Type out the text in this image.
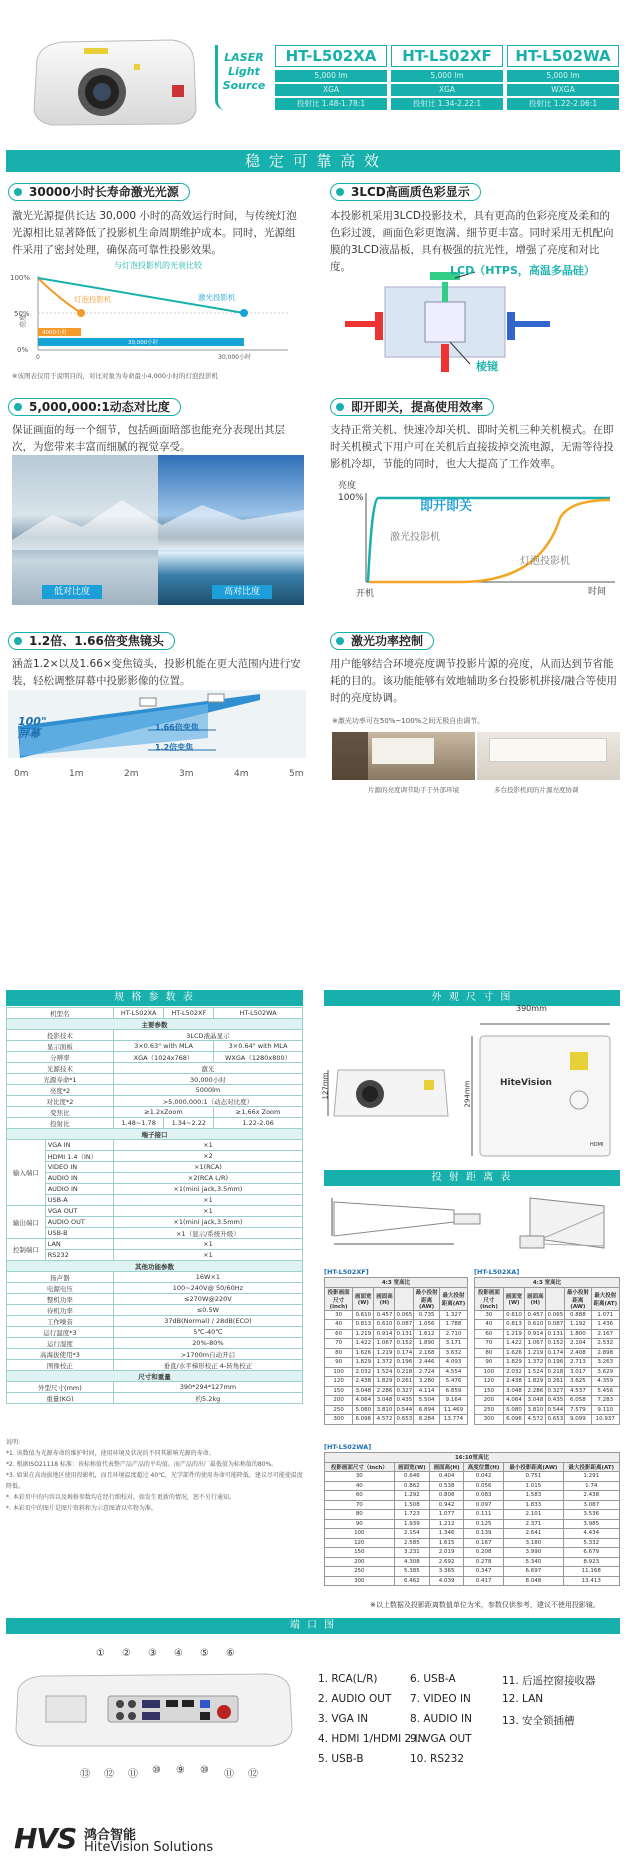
LASER
Light
Source
HT-L502XA
5,000 lm
XGA
投射比 1.48-1.78:1
HT-L502XF
5,000 lm
XGA
投射比 1.34-2.22:1
HT-L502WA
5,000 lm
WXGA
投射比 1.22-2.06:1
稳 定 可 靠 高 效
30000小时长寿命激光光源
激光光源提供长达 30,000 小时的高效运行时间，与传统灯泡光源相比显著降低了投影机生命周期维护成本。同时，光源组件采用了密封处理，确保高可靠性投影效果。
与灯泡投影机的光衰比较
100%
50%
0%
亮度
4000小时
30,000小时
灯泡投影机	激光投影机
0	30,000小时
※该图表仅用于说明目的，对比对象为寿命最小4,000小时的灯泡投影机
3LCD高画质色彩显示
本投影机采用3LCD投影技术，具有更高的色彩亮度及柔和的色彩过渡，画面色彩更饱满、细节更丰富。同时采用无机配向膜的3LCD液晶板，具有极强的抗光性，增强了亮度和对比度。	LCD（HTPS，高温多晶硅）
棱镜
5,000,000:1动态对比度
保证画面的每一个细节，包括画面暗部也能充分表现出其层次，为您带来丰富而细腻的视觉享受。
低对比度	高对比度
即开即关，提高使用效率
支持正常关机、快速冷却关机、即时关机三种关机模式。在即时关机模式下用户可在关机后直接拔掉交流电源，无需等待投影机冷却，节能的同时，也大大提高了工作效率。
亮度
100%
即开即关
激光投影机
灯泡投影机
开机	时间
1.2倍、1.66倍变焦镜头
涵盖1.2×以及1.66×变焦镜头，投影机能在更大范围内进行安装，轻松调整屏幕中投影影像的位置。
0m	1m	2m	3m	4m	5m
100"
屏幕	1.66倍变焦
1.2倍变焦
激光功率控制
用户能够结合环境亮度调节投影片源的亮度，从而达到节省能耗的目的。该功能能够有效地辅助多台投影机拼接/融合等使用时的亮度协调。
※激光功率可在50%~100%之间无极自由调节。
片源的亮度调节助手于外部环境	多台投影机间的片源亮度协调
规 格 参 数 表
机型名		HT-L502XA	HT-L502XF	HT-L502WA
主要参数				
投影技术		3LCD液晶显示		
显示面板		3×0.63" with MLA		3×0.64" with MLA
分辨率		XGA（1024x768）		WXGA（1280x800）
光源技术		激光		
光源寿命*1		30,000小时		
亮度*2		5000lm		
对比度*2		>5,000,000:1（动态对比度）		
变焦比		≥1.2xZoom		≥1.66x Zoom
投射比		1.48~1.78	1.34~2.22	1.22-2.06
端子接口				
输入端口	VGA IN	×1		
	HDMI 1.4（IN）	×2		
	VIDEO IN	×1(RCA)		
	AUDIO IN	×2(RCA L/R)		
	AUDIO IN	×1(mini jack,3.5mm)		
	USB-A	×1		
输出端口	VGA OUT	×1		
	AUDIO OUT	×1(mini jack,3.5mm)		
	USB-B	×1（显示/系统升级）		
控制端口	LAN	×1		
	RS232	×1		
其他功能参数				
扬声器		16W×1		
电源电压		100~240V@ 50/60Hz		
整机功率		≤270W@220V		
待机功率		≤0.5W		
工作噪音		37dB(Normal) / 28dB(ECO)		
运行温度*3		5℃-40℃		
运行湿度		20%-80%		
高海拔使用*3		>1700m自动开启		
图像校正		垂直/水平梯形校正 4-转角校正		
尺寸和重量				
外型尺寸(mm)		390*294*127mm		
重量(KG)		约5.2kg		
说明:
*1. 该数值为光源寿命的维护时间，使用环境及状况的不同其影响光源的寿命。
*2. 根据ISO21118 标准：该标称值代表整产品产品的平均值。而产品的出厂最低值为标称值的80%。
*3. 如果在高海拔地区使用投影机，而且环境温度超过 40℃，光学部件的使用寿命可能降低。建议尽可能使温度降低。
*. 本彩页中的内容以及规格参数均在经行细校对。如发生更新的情况，恕不另行通知。
*. 本彩页中的图片是图片资料和为示意图请以实物为准。
外 观 尺 寸 图
390mm
127mm	294mm	HiteVision
HDMI
投 射 距 离 表
[HT-L502XF]	[HT-L502XA]
4:3 宽高比					
投影画面尺寸(inch)	画面宽(W)	画面高(H)		最小投射距离(AW)	最大投射距离(AT)
30	0.610	0.457	0.065	0.735	1.327
40	0.813	0.610	0.087	1.056	1.788
60	1.219	0.914	0.131	1.612	2.710
70	1.422	1.067	0.152	1.890	3.171
80	1.626	1.219	0.174	2.168	3.632
90	1.829	1.372	0.196	2.446	4.093
100	2.032	1.524	0.218	2.724	4.554
120	2.438	1.829	0.261	3.280	5.476
150	3.048	2.286	0.327	4.114	6.859
200	4.064	3.048	0.435	5.504	9.164
250	5.080	3.810	0.544	6.894	11.469
300	6.096	4.572	0.653	8.284	13.774
4:3 宽高比					
投影画面尺寸(inch)	画面宽(W)	画面高(H)		最小投射距离(AW)	最大投射距离(AT)
30	0.610	0.457	0.065	0.888	1.071
40	0.813	0.610	0.087	1.192	1.436
60	1.219	0.914	0.131	1.800	2.167
70	1.422	1.067	0.152	2.104	2.532
80	1.626	1.219	0.174	2.408	2.898
90	1.829	1.372	0.196	2.713	3.263
100	2.032	1.524	0.218	3.017	3.629
120	2.438	1.829	0.261	3.625	4.359
150	3.048	2.286	0.327	4.537	5.456
200	4.064	3.048	0.435	6.058	7.283
250	5.080	3.810	0.544	7.579	9.110
300	6.096	4.572	0.653	9.099	10.937
[HT-L502WA]
16:10宽高比					
投影画面尺寸（inch）	画面宽(W)	画面高(H)	高度位置(H)	最小投影距离(AW)	最大投影距离(AT)
30	0.646	0.404	0.042	0.751	1.291
40	0.862	0.538	0.056	1.015	1.74
60	1.292	0.808	0.083	1.583	2.438
70	1.508	0.942	0.097	1.833	3.087
80	1.723	1.077	0.111	2.101	3.536
90	1.939	1.212	0.125	2.371	3.985
100	2.154	1.346	0.139	2.641	4.434
120	2.585	1.615	0.167	3.180	5.332
150	3.231	2.019	0.208	3.990	6.679
200	4.308	2.692	0.278	5.340	8.923
250	5.385	3.365	0.347	6.697	11.168
300	6.462	4.039	0.417	8.048	13.413
※以上数据及投影距离数值单位为米，参数仅供参考，建议不使用投影镜。
端 口 图
① ② ③ ④ ⑤ ⑥
⑬ ⑫ ⑪ ⑩ ⑨ ⑩ ⑪ ⑫
1. RCA(L/R)
2. AUDIO OUT
3. VGA IN
4. HDMI 1/HDMI 2 IN
5. USB-B
6. USB-A
7. VIDEO IN
8. AUDIO IN
9. VGA OUT
10. RS232
11. 后遥控窗接收器
12. LAN
13. 安全锁插槽
HVS 鸿合智能
HiteVision Solutions
